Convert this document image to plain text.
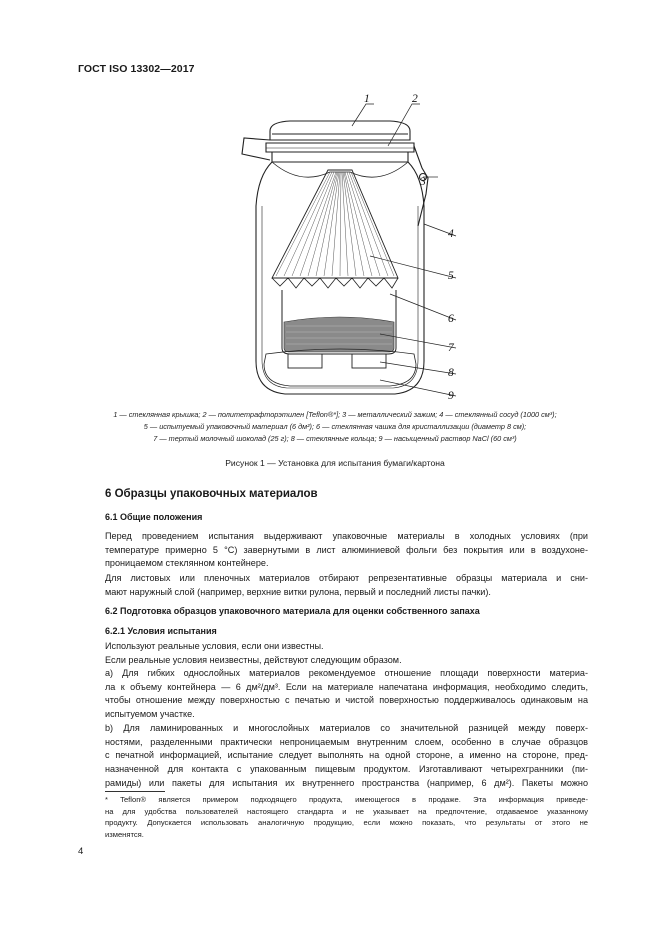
ГОСТ ISO 13302—2017
1	2
3
4
5
6
7
8
9
1 — стеклянная крышка; 2 — политетрафторэтилен [Teflon®*]; 3 — металлический зажим; 4 — стеклянный сосуд (1000 см³);
5 — испытуемый упаковочный материал (6 дм²); 6 — стеклянная чашка для кристаллизации (диаметр 8 см);
7 — тертый молочный шоколад (25 г); 8 — стеклянные кольца; 9 — насыщенный раствор NaCl (60 см³)
Рисунок 1 — Установка для испытания бумаги/картона
6 Образцы упаковочных материалов
6.1 Общие положения
Перед проведением испытания выдерживают упаковочные материалы в холодных условиях (при
температуре примерно 5 °С) завернутыми в лист алюминиевой фольги без покрытия или в воздухоне-
проницаемом стеклянном контейнере.
Для листовых или пленочных материалов отбирают репрезентативные образцы материала и сни-
мают наружный слой (например, верхние витки рулона, первый и последний листы пачки).
6.2 Подготовка образцов упаковочного материала для оценки собственного запаха
6.2.1 Условия испытания
Используют реальные условия, если они известны.
Если реальные условия неизвестны, действуют следующим образом.
а) Для гибких однослойных материалов рекомендуемое отношение площади поверхности материа-
ла к объему контейнера — 6 дм²/дм³. Если на материале напечатана информация, необходимо следить,
чтобы отношение между поверхностью с печатью и чистой поверхностью поддерживалось одинаковым на
испытуемом участке.
b) Для ламинированных и многослойных материалов со значительной разницей между поверх-
ностями, разделенными практически непроницаемым внутренним слоем, особенно в случае образцов
с печатной информацией, испытание следует выполнять на одной стороне, а именно на стороне, пред-
назначенной для контакта с упакованным пищевым продуктом. Изготавливают четырехгранники (пи-
рамиды) или пакеты для испытания их внутреннего пространства (например, 6 дм²). Пакеты можно
* Teflon® является примером подходящего продукта, имеющегося в продаже. Эта информация приведе-
на для удобства пользователей настоящего стандарта и не указывает на предпочтение, отдаваемое указанному
продукту. Допускается использовать аналогичную продукцию, если можно показать, что результаты от этого не
изменятся.
4
